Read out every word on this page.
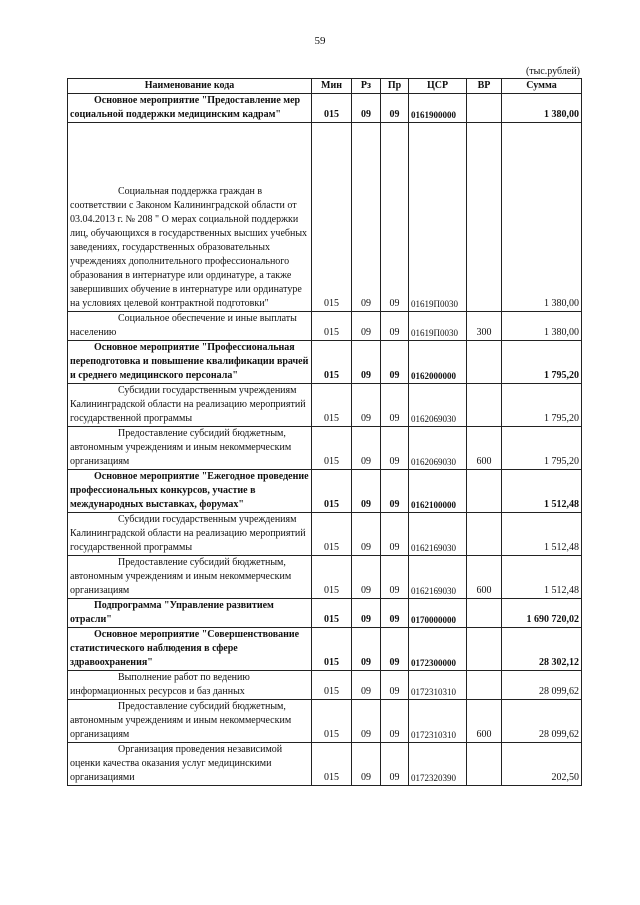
59
(тыс.рублей)
Наименование кода	Мин	Рз	Пр	ЦСР	ВР	Сумма

Основное мероприятие "Предоставление мер социальной поддержки медицинским кадрам"	015	09	09	0161900000		1 380,00

Социальная поддержка граждан в соответствии с Законом Калининградской области от 03.04.2013 г. № 208 " О мерах социальной поддержки лиц, обучающихся в государственных высших учебных заведениях, государственных образовательных учреждениях дополнительного профессионального образования в интернатуре или ординатуре, а также завершивших обучение в интернатуре или ординатуре на условиях целевой контрактной подготовки"	015	09	09	01619П0030		1 380,00

Социальное обеспечение и иные выплаты населению	015	09	09	01619П0030	300	1 380,00

Основное мероприятие "Профессиональная переподготовка и повышение квалификации врачей и среднего медицинского персонала"	015	09	09	0162000000		1 795,20

Субсидии государственным учреждениям Калининградской области на реализацию мероприятий государственной программы	015	09	09	0162069030		1 795,20

Предоставление субсидий бюджетным, автономным учреждениям и иным некоммерческим организациям	015	09	09	0162069030	600	1 795,20

Основное мероприятие "Ежегодное проведение профессиональных конкурсов, участие в международных выставках, форумах"	015	09	09	0162100000		1 512,48

Субсидии государственным учреждениям Калининградской области на реализацию мероприятий государственной программы	015	09	09	0162169030		1 512,48

Предоставление субсидий бюджетным, автономным учреждениям и иным некоммерческим организациям	015	09	09	0162169030	600	1 512,48

Подпрограмма "Управление развитием отрасли"	015	09	09	0170000000		1 690 720,02

Основное мероприятие "Совершенствование статистического наблюдения в сфере здравоохранения"	015	09	09	0172300000		28 302,12

Выполнение работ по ведению информационных ресурсов и баз данных	015	09	09	0172310310		28 099,62

Предоставление субсидий бюджетным, автономным учреждениям и иным некоммерческим организациям	015	09	09	0172310310	600	28 099,62

Организация проведения независимой оценки качества оказания услуг медицинскими организациями	015	09	09	0172320390		202,50
